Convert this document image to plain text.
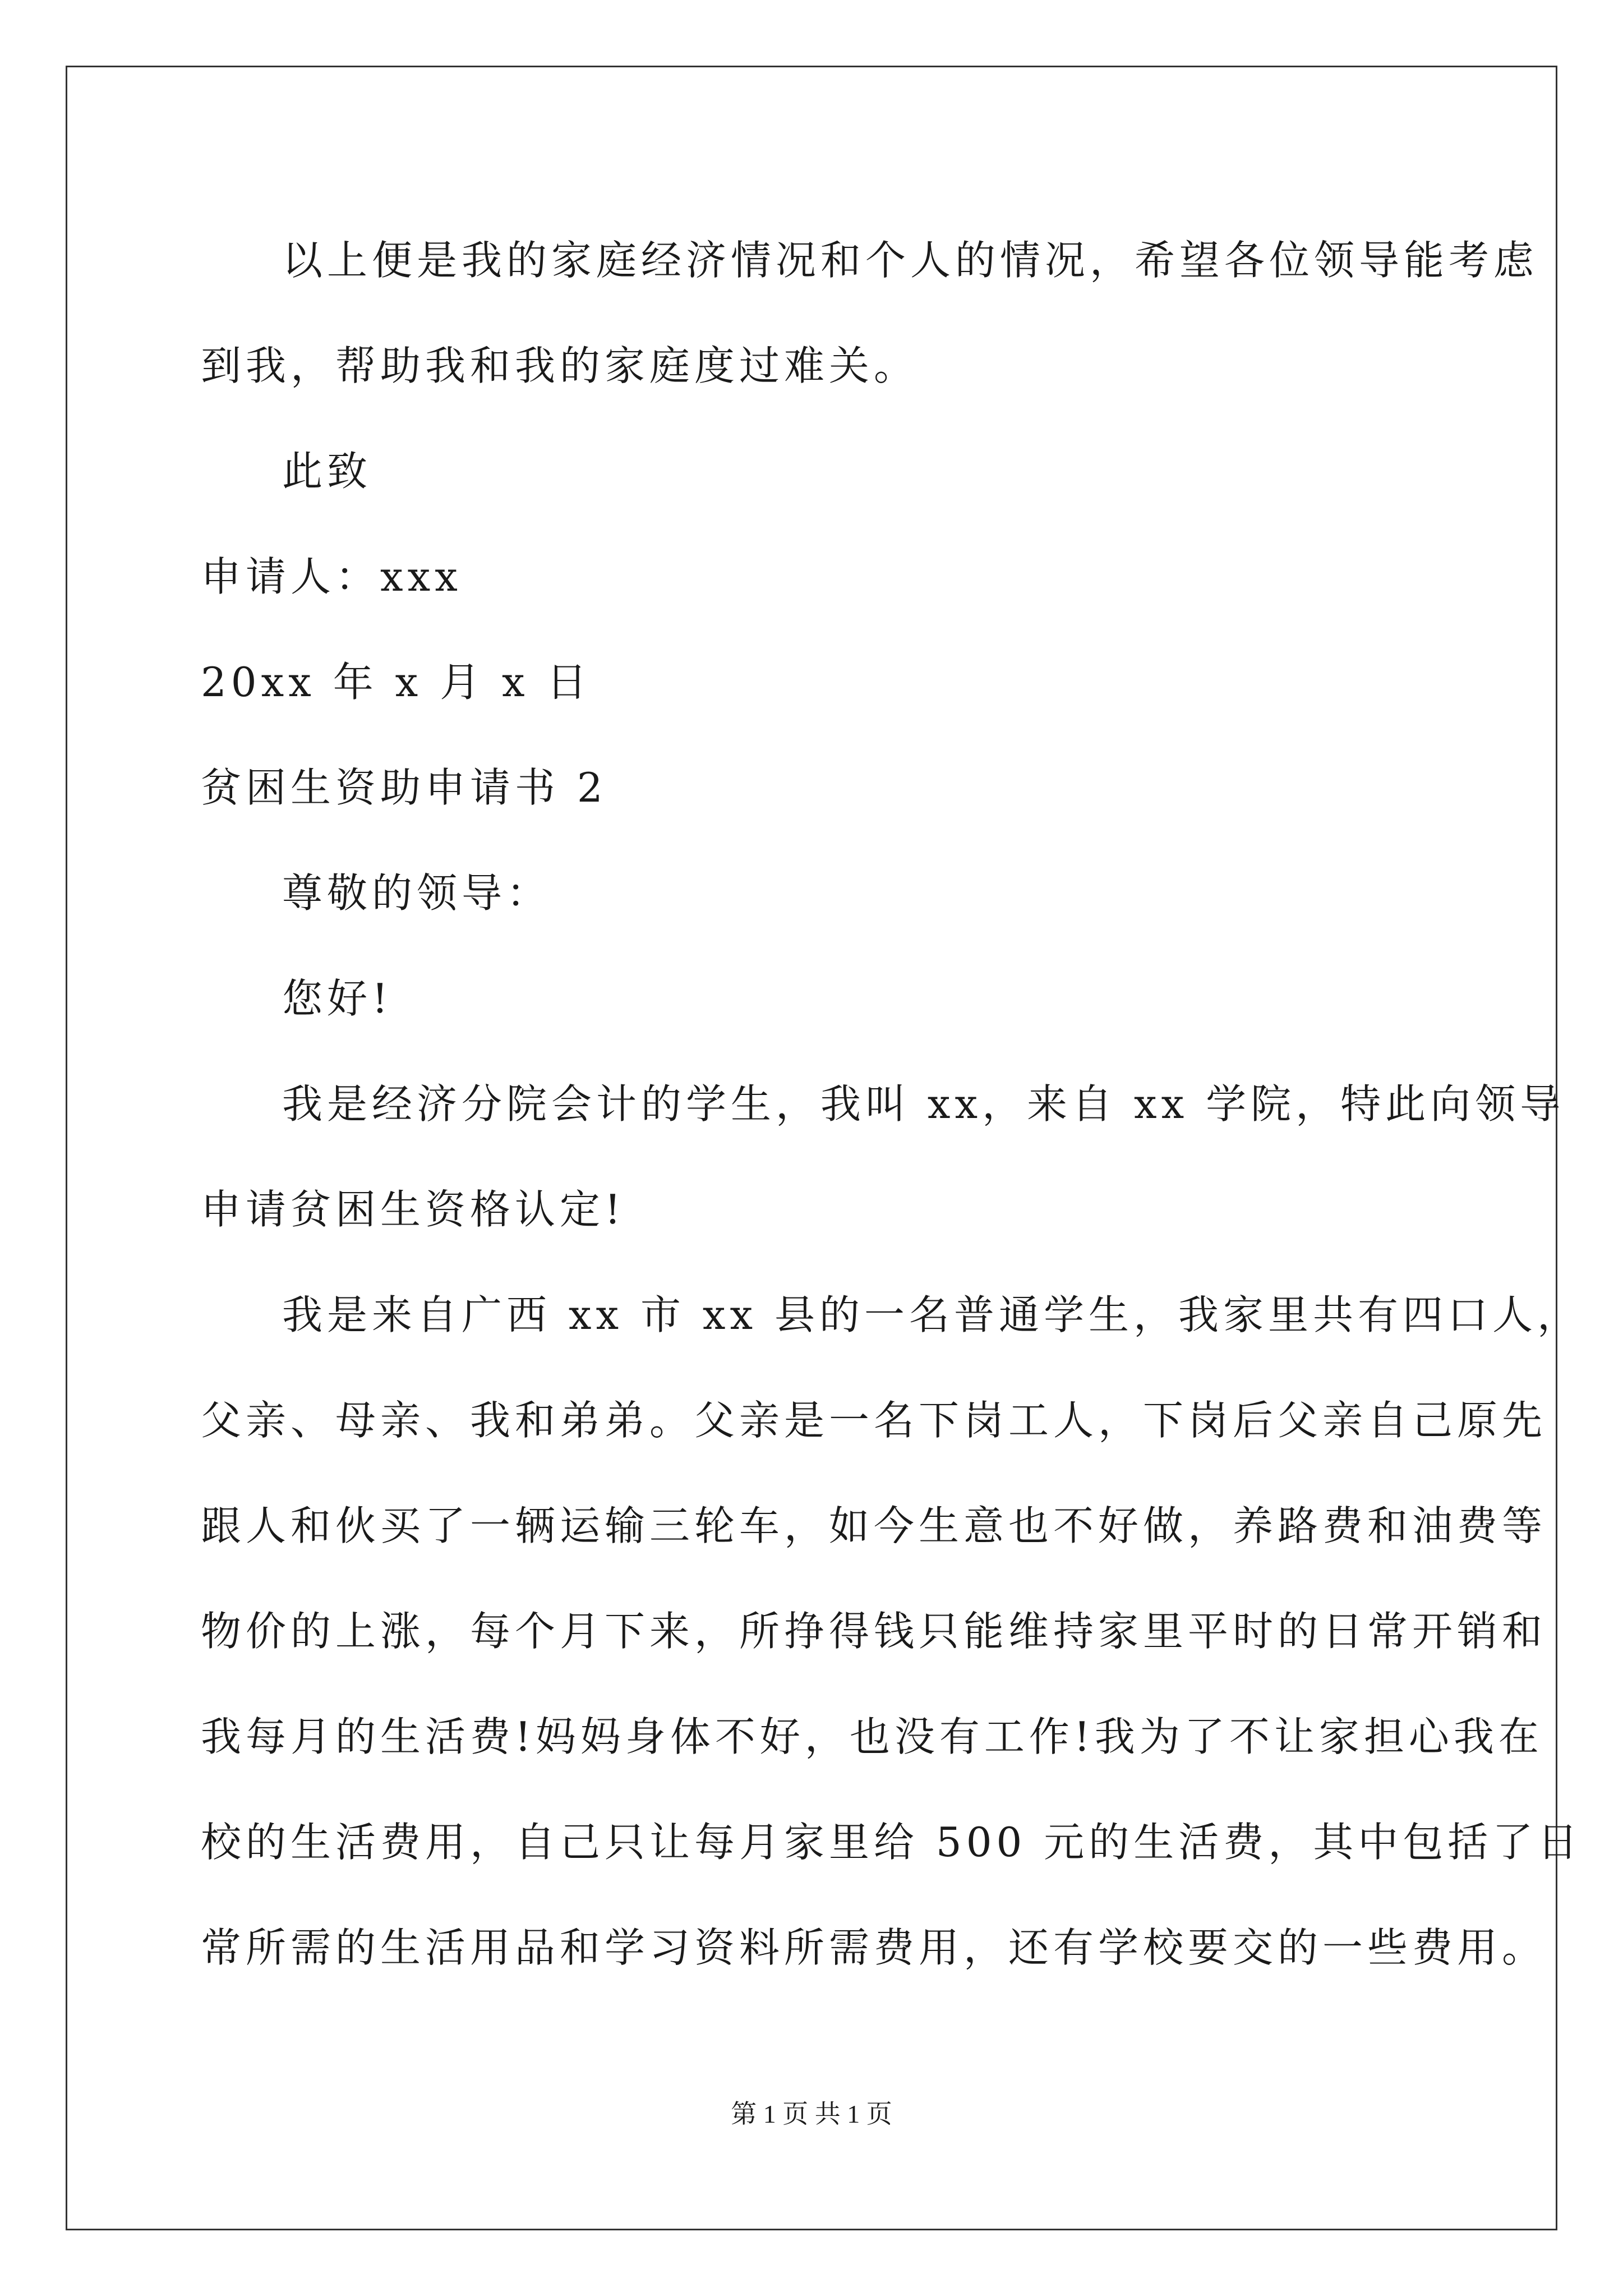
以上便是我的家庭经济情况和个人的情况，希望各位领导能考虑

到我，帮助我和我的家庭度过难关。

此致

申请人：xxx

20xx 年 x 月 x 日

贫困生资助申请书 2

尊敬的领导：

您好!

我是经济分院会计的学生，我叫 xx，来自 xx 学院，特此向领导

申请贫困生资格认定!

我是来自广西 xx 市 xx 县的一名普通学生，我家里共有四口人，

父亲、母亲、我和弟弟。父亲是一名下岗工人，下岗后父亲自己原先

跟人和伙买了一辆运输三轮车，如今生意也不好做，养路费和油费等

物价的上涨，每个月下来，所挣得钱只能维持家里平时的日常开销和

我每月的生活费!妈妈身体不好，也没有工作!我为了不让家担心我在

校的生活费用，自己只让每月家里给 500 元的生活费，其中包括了日

常所需的生活用品和学习资料所需费用，还有学校要交的一些费用。

第 1 页 共 1 页
